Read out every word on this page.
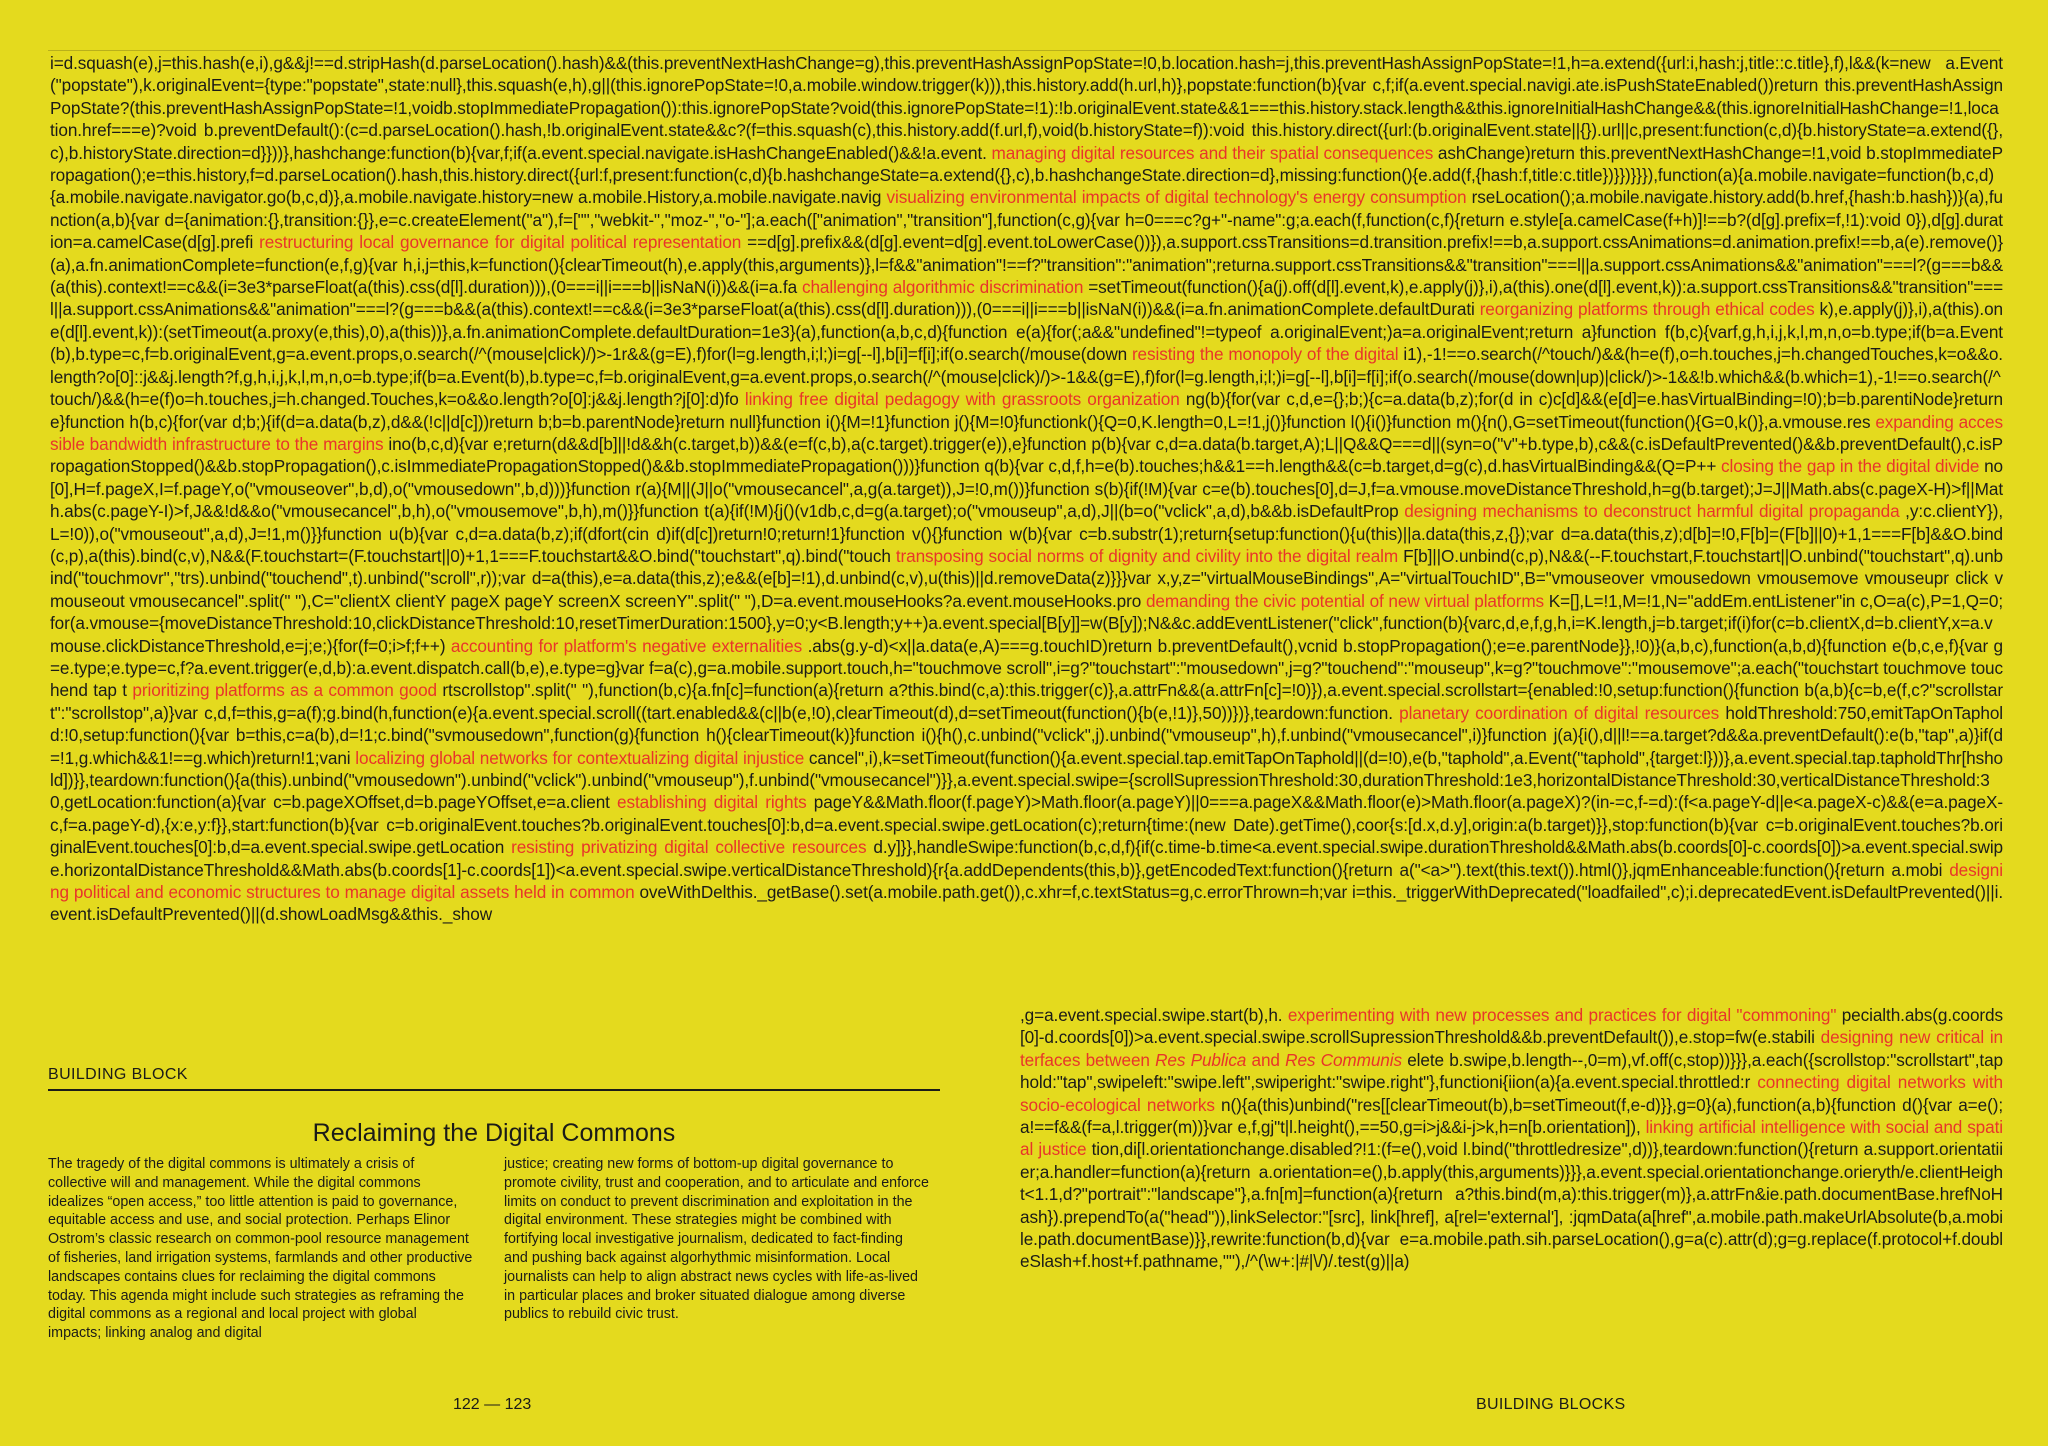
i=d.squash(e),j=this.hash(e,i),g&&j!==d.stripHash(d.parseLocation().hash)&&(this.preventNextHashChange=g),this.preventHashAssignPopState=!0,b.location.hash=j,this.preventHashAssignPopState=!1,h=a.extend({url:i,hash:j,title::c.title},f),l&&(k=new a.Event("popstate"),k.originalEvent={type:"popstate",state:null},this.squash(e,h),g||(this.ignorePopState=!0,a.mobile.window.trigger(k))),this.history.add(h.url,h)},popstate:function(b){var c,f;if(a.event.special.navigi.ate.isPushStateEnabled())return this.preventHashAssignPopState?(this.preventHashAssignPopState=!1,voidb.stopImmediatePropagation()):this.ignorePopState?void(this.ignorePopState=!1):!b.originalEvent.state&&1===this.history.stack.length&&this.ignoreInitialHashChange&&(this.ignoreInitialHashChange=!1,location.href===e)?void b.preventDefault():(c=d.parseLocation().hash,!b.originalEvent.state&&c?(f=this.squash(c),this.history.add(f.url,f),void(b.historyState=f)):void this.history.direct({url:(b.originalEvent.state||{}).url||c,present:function(c,d){b.historyState=a.extend({},c),b.historyState.direction=d}}))},hashchange:function(b){var,f;if(a.event.special.navigate.isHashChangeEnabled()&&!a.event. managing digital resources and their spatial consequences ashChange)return this.preventNextHashChange=!1,void b.stopImmediatePropagation();e=this.history,f=d.parseLocation().hash,this.history.direct({url:f,present:function(c,d){b.hashchangeState=a.extend({},c),b.hashchangeState.direction=d},missing:function(){e.add(f,{hash:f,title:c.title})}})}}}),function(a){a.mobile.navigate=function(b,c,d){a.mobile.navigate.navigator.go(b,c,d)},a.mobile.navigate.history=new a.mobile.History,a.mobile.navigate.navig visualizing environmental impacts of digital technology's energy consumption rseLocation();a.mobile.navigate.history.add(b.href,{hash:b.hash})}(a),function(a,b){var d={animation:{},transition:{}},e=c.createElement("a"),f=["","webkit-","moz-","o-"];a.each(["animation","transition"],function(c,g){var h=0===c?g+"-name":g;a.each(f,function(c,f){return e.style[a.camelCase(f+h)]!==b?(d[g].prefix=f,!1):void 0}),d[g].duration=a.camelCase(d[g].prefi restructuring local governance for digital political representation ==d[g].prefix&&(d[g].event=d[g].event.toLowerCase())}),a.support.cssTransitions=d.transition.prefix!==b,a.support.cssAnimations=d.animation.prefix!==b,a(e).remove()}(a),a.fn.animationComplete=function(e,f,g){var h,i,j=this,k=function(){clearTimeout(h),e.apply(this,arguments)},l=f&&"animation"!==f?"transition":"animation";returna.support.cssTransitions&&"transition"===l||a.support.cssAnimations&&"animation"===l?(g===b&&(a(this).context!==c&&(i=3e3*parseFloat(a(this).css(d[l].duration))),(0===i||i===b||isNaN(i))&&(i=a.fa challenging algorithmic discrimination =setTimeout(function(){a(j).off(d[l].event,k),e.apply(j)},i),a(this).one(d[l].event,k)):a.support.cssTransitions&&"transition"===l||a.support.cssAnimations&&"animation"===l?(g===b&&(a(this).context!==c&&(i=3e3*parseFloat(a(this).css(d[l].duration))),(0===i||i===b||isNaN(i))&&(i=a.fn.animationComplete.defaultDurati reorganizing platforms through ethical codes k),e.apply(j)},i),a(this).one(d[l].event,k)):(setTimeout(a.proxy(e,this),0),a(this))},a.fn.animationComplete.defaultDuration=1e3}(a),function(a,b,c,d){function e(a){for(;a&&"undefined"!=typeof a.originalEvent;)a=a.originalEvent;return a}function f(b,c){varf,g,h,i,j,k,l,m,n,o=b.type;if(b=a.Event(b),b.type=c,f=b.originalEvent,g=a.event.props,o.search(/^(mouse|click)/)>-1r&&(g=E),f)for(l=g.length,i;l;)i=g[--l],b[i]=f[i];if(o.search(/mouse(down resisting the monopoly of the digital i1),-1!==o.search(/^touch/)&&(h=e(f),o=h.touches,j=h.changedTouches,k=o&&o.length?o[0]::j&&j.length?f,g,h,i,j,k,l,m,n,o=b.type;if(b=a.Event(b),b.type=c,f=b.originalEvent,g=a.event.props,o.search(/^(mouse|click)/)>-1&&(g=E),f)for(l=g.length,i;l;)i=g[--l],b[i]=f[i];if(o.search(/mouse(down|up)|click/)>-1&&!b.which&&(b.which=1),-1!==o.search(/^touch/)&&(h=e(f)o=h.touches,j=h.changed.Touches,k=o&&o.length?o[0]:j&&j.length?j[0]:d)fo linking free digital pedagogy with grassroots organization ng(b){for(var c,d,e={};b;){c=a.data(b,z);for(d in c)c[d]&&(e[d]=e.hasVirtualBinding=!0);b=b.parentiNode}return e}function h(b,c){for(var d;b;){if(d=a.data(b,z),d&&(!c||d[c]))return b;b=b.parentNode}return null}function i(){M=!1}function j(){M=!0}functionk(){Q=0,K.length=0,L=!1,j()}function l(){i()}function m(){n(),G=setTimeout(function(){G=0,k()},a.vmouse.res expanding accessible bandwidth infrastructure to the margins ino(b,c,d){var e;return(d&&d[b]||!d&&h(c.target,b))&&(e=f(c,b),a(c.target).trigger(e)),e}function p(b){var c,d=a.data(b.target,A);L||Q&&Q===d||(syn=o("v"+b.type,b),c&&(c.isDefaultPrevented()&&b.preventDefault(),c.isPropagationStopped()&&b.stopPropagation(),c.isImmediatePropagationStopped()&&b.stopImmediatePropagation()))}function q(b){var c,d,f,h=e(b).touches;h&&1==h.length&&(c=b.target,d=g(c),d.hasVirtualBinding&&(Q=P++ closing the gap in the digital divide no [0],H=f.pageX,I=f.pageY,o("vmouseover",b,d),o("vmousedown",b,d)))}function r(a){M||(J||o("vmousecancel",a,g(a.target)),J=!0,m())}function s(b){if(!M){var c=e(b).touches[0],d=J,f=a.vmouse.moveDistanceThreshold,h=g(b.target);J=J||Math.abs(c.pageX-H)>f||Math.abs(c.pageY-I)>f,J&&!d&&o("vmousecancel",b,h),o("vmousemove",b,h),m()}}function t(a){if(!M){j()(v1db,c,d=g(a.target);o("vmouseup",a,d),J||(b=o("vclick",a,d),b&&b.isDefaultProp designing mechanisms to deconstruct harmful digital propaganda ,y:c.clientY}),L=!0)),o("vmouseout",a,d),J=!1,m()}}function u(b){var c,d=a.data(b,z);if(dfort(cin d)if(d[c])return!0;return!1}function v(){}function w(b){var c=b.substr(1);return{setup:function(){u(this)||a.data(this,z,{});var d=a.data(this,z);d[b]=!0,F[b]=(F[b]||0)+1,1===F[b]&&O.bind(c,p),a(this).bind(c,v),N&&(F.touchstart=(F.touchstart||0)+1,1===F.touchstart&&O.bind("touchstart",q).bind("touch transposing social norms of dignity and civility into the digital realm F[b]||O.unbind(c,p),N&&(--F.touchstart,F.touchstart||O.unbind("touchstart",q).unbind("touchmovr","trs).unbind("touchend",t).unbind("scroll",r));var d=a(this),e=a.data(this,z);e&&(e[b]=!1),d.unbind(c,v),u(this)||d.removeData(z)}}}var x,y,z="virtualMouseBindings",A="virtualTouchID",B="vmouseover vmousedown vmousemove vmouseupr click vmouseout vmousecancel".split(" "),C="clientX clientY pageX pageY screenX screenY".split(" "),D=a.event.mouseHooks?a.event.mouseHooks.pro demanding the civic potential of new virtual platforms K=[],L=!1,M=!1,N="addEm.entListener"in c,O=a(c),P=1,Q=0;for(a.vmouse={moveDistanceThreshold:10,clickDistanceThreshold:10,resetTimerDuration:1500},y=0;y<B.length;y++)a.event.special[B[y]]=w(B[y]);N&&c.addEventListener("click",function(b){varc,d,e,f,g,h,i=K.length,j=b.target;if(i)for(c=b.clientX,d=b.clientY,x=a.vmouse.clickDistanceThreshold,e=j;e;){for(f=0;i>f;f++) accounting for platform's negative externalities .abs(g.y-d)<x||a.data(e,A)===g.touchID)return b.preventDefault(),vcnid b.stopPropagation();e=e.parentNode}},!0)}(a,b,c),function(a,b,d){function e(b,c,e,f){var g=e.type;e.type=c,f?a.event.trigger(e,d,b):a.event.dispatch.call(b,e),e.type=g}var f=a(c),g=a.mobile.support.touch,h="touchmove scroll",i=g?"touchstart":"mousedown",j=g?"touchend":"mouseup",k=g?"touchmove":"mousemove";a.each("touchstart touchmove touchend tap t prioritizing platforms as a common good rtscrollstop".split(" "),function(b,c){a.fn[c]=function(a){return a?this.bind(c,a):this.trigger(c)},a.attrFn&&(a.attrFn[c]=!0)}),a.event.special.scrollstart={enabled:!0,setup:function(){function b(a,b){c=b,e(f,c?"scrollstart":"scrollstop",a)}var c,d,f=this,g=a(f);g.bind(h,function(e){a.event.special.scroll((tart.enabled&&(c||b(e,!0),clearTimeout(d),d=setTimeout(function(){b(e,!1)},50))})},teardown:function. planetary coordination of digital resources holdThreshold:750,emitTapOnTaphold:!0,setup:function(){var b=this,c=a(b),d=!1;c.bind("svmousedown",function(g){function h(){clearTimeout(k)}function i(){h(),c.unbind("vclick",j).unbind("vmouseup",h),f.unbind("vmousecancel",i)}function j(a){i(),d||l!==a.target?d&&a.preventDefault():e(b,"tap",a)}if(d=!1,g.which&&1!==g.which)return!1;vani localizing global networks for contextualizing digital injustice cancel",i),k=setTimeout(function(){a.event.special.tap.emitTapOnTaphold||(d=!0),e(b,"taphold",a.Event("taphold",{target:l}))},a.event.special.tap.tapholdThr[hshold])}},teardown:function(){a(this).unbind("vmousedown").unbind("vclick").unbind("vmouseup"),f.unbind("vmousecancel")}},a.event.special.swipe={scrollSupressionThreshold:30,durationThreshold:1e3,horizontalDistanceThreshold:30,verticalDistanceThreshold:30,getLocation:function(a){var c=b.pageXOffset,d=b.pageYOffset,e=a.client establishing digital rights pageY&&Math.floor(f.pageY)>Math.floor(a.pageY)||0===a.pageX&&Math.floor(e)>Math.floor(a.pageX)?(in-=c,f-=d):(f<a.pageY-d||e<a.pageX-c)&&(e=a.pageX-c,f=a.pageY-d),{x:e,y:f}},start:function(b){var c=b.originalEvent.touches?b.originalEvent.touches[0]:b,d=a.event.special.swipe.getLocation(c);return{time:(new Date).getTime(),coor{s:[d.x,d.y],origin:a(b.target)}},stop:function(b){var c=b.originalEvent.touches?b.originalEvent.touches[0]:b,d=a.event.special.swipe.getLocation resisting privatizing digital collective resources d.y]}},handleSwipe:function(b,c,d,f){if(c.time-b.time<a.event.special.swipe.durationThreshold&&Math.abs(b.coords[0]-c.coords[0])>a.event.special.swipe.horizontalDistanceThreshold&&Math.abs(b.coords[1]-c.coords[1])<a.event.special.swipe.verticalDistanceThreshold){r{a.addDependents(this,b)},getEncodedText:function(){return a("<a>").text(this.text()).html()},jqmEnhanceable:function(){return a.mobi designing political and economic structures to manage digital assets held in common oveWithDelthis._getBase().set(a.mobile.path.get()),c.xhr=f,c.textStatus=g,c.errorThrown=h;var i=this._triggerWithDeprecated("loadfailed",c);i.deprecatedEvent.isDefaultPrevented()||i.event.isDefaultPrevented()||(d.showLoadMsg&&this._show

,g=a.event.special.swipe.start(b),h. experimenting with new processes and practices for digital "commoning" pecialth.abs(g.coords[0]-d.coords[0])>a.event.special.swipe.scrollSupressionThreshold&&b.preventDefault()),e.stop=fw(e.stabili designing new critical interfaces between Res Publica and Res Communis elete b.swipe,b.length--,0=m),vf.off(c,stop))}}},a.each({scrollstop:"scrollstart",taphold:"tap",swipeleft:"swipe.left",swiperight:"swipe.right"},functioni{iion(a){a.event.special.throttled:r connecting digital networks with socio-ecological networks n(){a(this)unbind("res[[clearTimeout(b),b=setTimeout(f,e-d)}},g=0}(a),function(a,b){function d(){var a=e();a!==f&&(f=a,l.trigger(m))}var e,f,gj"t|l.height(),==50,g=i>j&&i-j>k,h=n[b.orientation]), linking artificial intelligence with social and spatial justice tion,di[l.orientationchange.disabled?!1:(f=e(),void l.bind("throttledresize",d))},teardown:function(){return a.support.orientatiier;a.handler=function(a){return a.orientation=e(),b.apply(this,arguments)}}},a.event.special.orientationchange.orieryth/e.clientHeight<1.1,d?"portrait":"landscape"},a.fn[m]=function(a){return a?this.bind(m,a):this.trigger(m)},a.attrFn&ie.path.documentBase.hrefNoHash}).prependTo(a("head")),linkSelector:"[src], link[href], a[rel='external'], :jqmData(a[href",a.mobile.path.makeUrlAbsolute(b,a.mobile.path.documentBase)}},rewrite:function(b,d){var e=a.mobile.path.sih.parseLocation(),g=a(c).attr(d);g=g.replace(f.protocol+f.doubleSlash+f.host+f.pathname,""),/^(\w+:|#|\/)/.test(g)||a)

BUILDING BLOCK
Reclaiming the Digital Commons

The tragedy of the digital commons is ultimately a crisis of collective will and management. While the digital commons idealizes “open access,” too little attention is paid to governance, equitable access and use, and social protection. Perhaps Elinor Ostrom’s classic research on common-pool resource management of fisheries, land irrigation systems, farmlands and other productive landscapes contains clues for reclaiming the digital commons today. This agenda might include such strategies as reframing the digital commons as a regional and local project with global impacts; linking analog and digital

justice; creating new forms of bottom-up digital governance to promote civility, trust and cooperation, and to articulate and enforce limits on conduct to prevent discrimination and exploitation in the digital environment. These strategies might be combined with fortifying local investigative journalism, dedicated to fact-finding and pushing back against algorhythmic misinformation. Local journalists can help to align abstract news cycles with life-as-lived in particular places and broker situated dialogue among diverse publics to rebuild civic trust.

122 — 123	BUILDING BLOCKS
